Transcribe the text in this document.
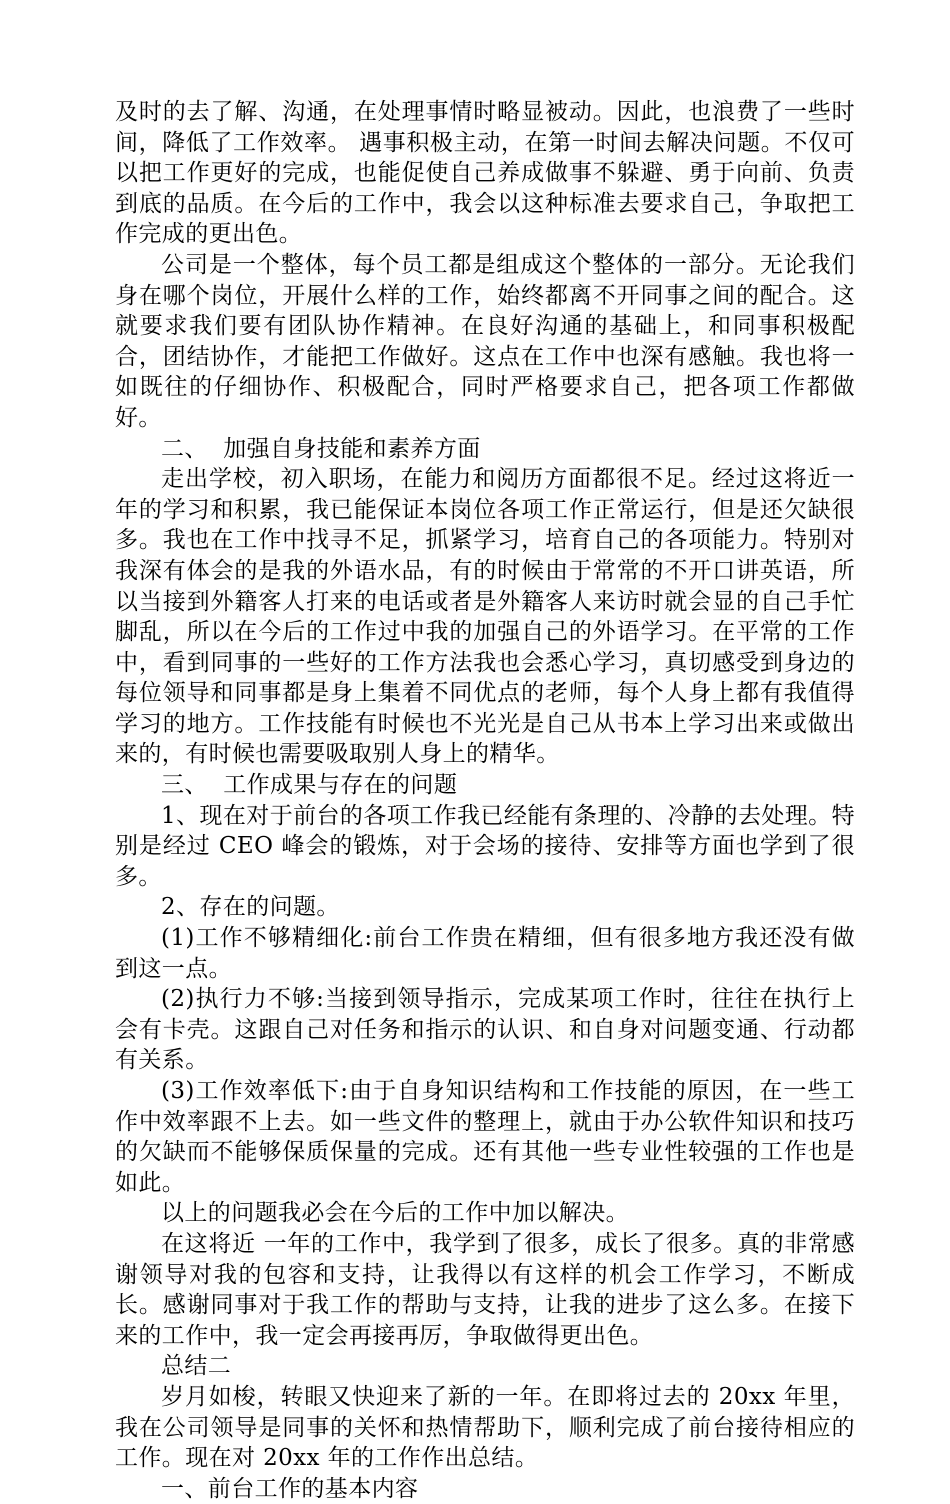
及时的去了解、沟通，在处理事情时略显被动。因此，也浪费了一些时间，降低了工作效率。 遇事积极主动，在第一时间去解决问题。不仅可以把工作更好的完成，也能促使自己养成做事不躲避、勇于向前、负责到底的品质。在今后的工作中，我会以这种标准去要求自己，争取把工作完成的更出色。

公司是一个整体，每个员工都是组成这个整体的一部分。无论我们身在哪个岗位，开展什么样的工作，始终都离不开同事之间的配合。这就要求我们要有团队协作精神。在良好沟通的基础上，和同事积极配合，团结协作，才能把工作做好。这点在工作中也深有感触。我也将一如既往的仔细协作、积极配合，同时严格要求自己，把各项工作都做好。

二、  加强自身技能和素养方面

走出学校，初入职场，在能力和阅历方面都很不足。经过这将近一年的学习和积累，我已能保证本岗位各项工作正常运行，但是还欠缺很多。我也在工作中找寻不足，抓紧学习，培育自己的各项能力。特别对我深有体会的是我的外语水品，有的时候由于常常的不开口讲英语，所以当接到外籍客人打来的电话或者是外籍客人来访时就会显的自己手忙脚乱，所以在今后的工作过中我的加强自己的外语学习。在平常的工作中，看到同事的一些好的工作方法我也会悉心学习，真切感受到身边的每位领导和同事都是身上集着不同优点的老师，每个人身上都有我值得学习的地方。工作技能有时候也不光光是自己从书本上学习出来或做出来的，有时候也需要吸取别人身上的精华。

三、  工作成果与存在的问题

1、现在对于前台的各项工作我已经能有条理的、冷静的去处理。特别是经过 CEO 峰会的锻炼，对于会场的接待、安排等方面也学到了很多。

2、存在的问题。

(1)工作不够精细化:前台工作贵在精细，但有很多地方我还没有做到这一点。

(2)执行力不够:当接到领导指示，完成某项工作时，往往在执行上会有卡壳。这跟自己对任务和指示的认识、和自身对问题变通、行动都有关系。

(3)工作效率低下:由于自身知识结构和工作技能的原因，在一些工作中效率跟不上去。如一些文件的整理上，就由于办公软件知识和技巧的欠缺而不能够保质保量的完成。还有其他一些专业性较强的工作也是如此。

以上的问题我必会在今后的工作中加以解决。

在这将近 一年的工作中，我学到了很多，成长了很多。真的非常感谢领导对我的包容和支持，让我得以有这样的机会工作学习，不断成长。感谢同事对于我工作的帮助与支持，让我的进步了这么多。在接下来的工作中，我一定会再接再厉，争取做得更出色。

总结二

岁月如梭，转眼又快迎来了新的一年。在即将过去的 20xx 年里，我在公司领导是同事的关怀和热情帮助下，顺利完成了前台接待相应的工作。现在对 20xx 年的工作作出总结。

一、前台工作的基本内容
